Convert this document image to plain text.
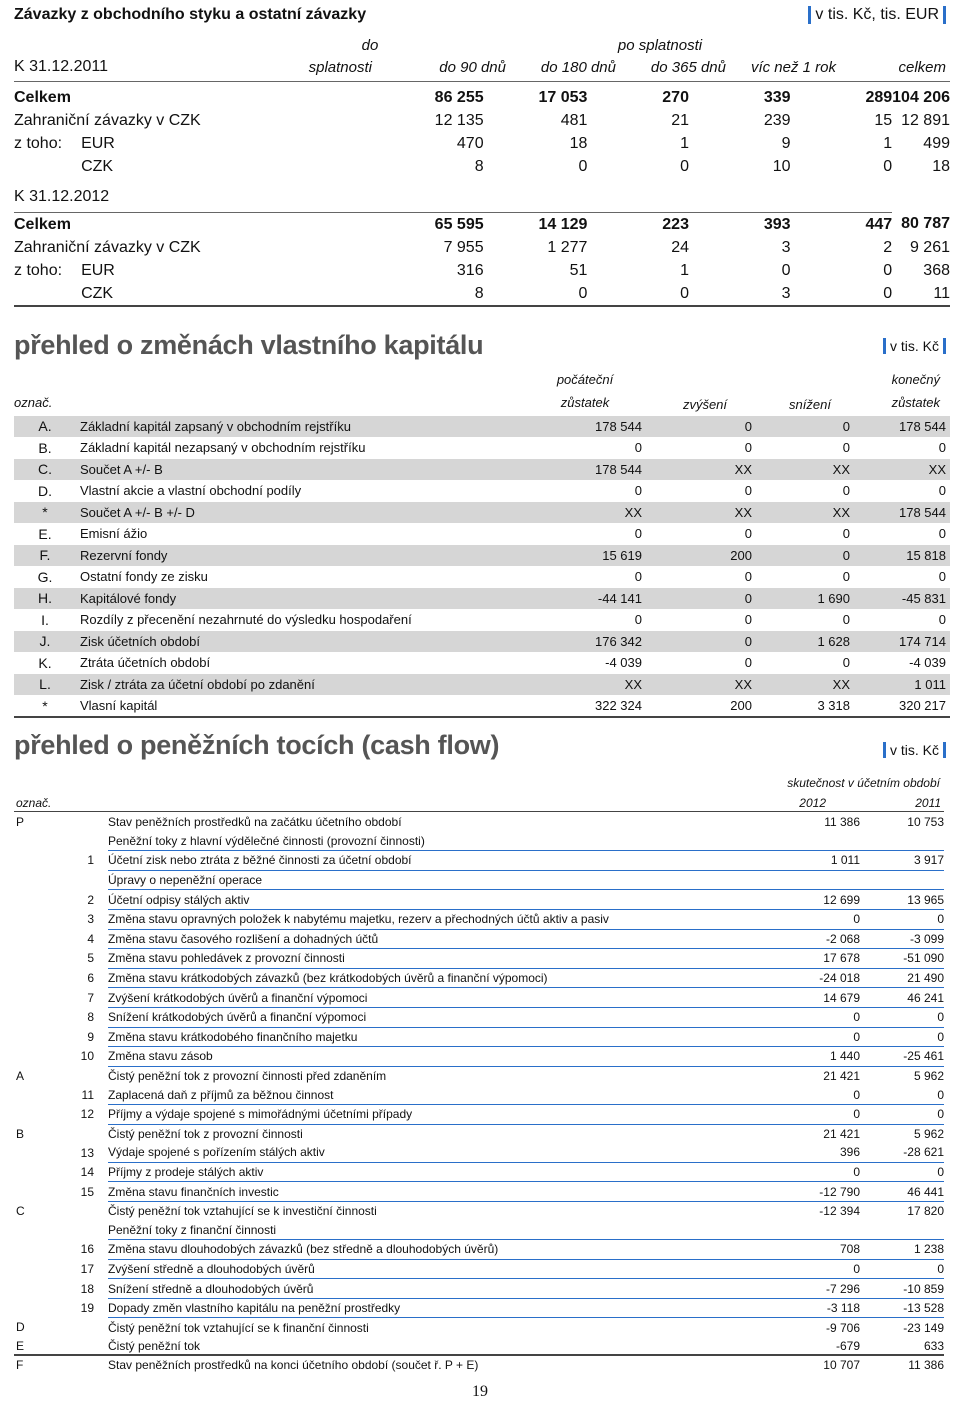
Závazky z obchodního styku a ostatní závazky	v tis. Kč, tis. EUR
do	po splatnosti
K 31.12.2011	splatnosti	do 90 dnů	do 180 dnů	do 365 dnů	víc než 1 rok	celkem
Celkem			86 255	17 053	270	339	289	104 206
Zahraniční závazky v CZK			12 135	481	21	239	15	12 891
z toho:	EUR		470	18	1	9	1	499
	CZK		8	0	0	10	0	18
K 31.12.2012								

Celkem			65 595	14 129	223	393	447	80 787
Zahraniční závazky v CZK			7 955	1 277	24	3	2	9 261
z toho:	EUR		316	51	1	0	0	368
	CZK		8	0	0	3	0	11
přehled o změnách vlastního kapitálu	v tis. Kč
počáteční	konečný
označ.	zůstatek	zvýšení	snížení	zůstatek
A.	Základní kapitál zapsaný v obchodním rejstříku	178 544	0	0	178 544
B.	Základní kapitál nezapsaný v obchodním rejstříku	0	0	0	0
C.	Součet A +/- B	178 544	XX	XX	XX
D.	Vlastní akcie a vlastní obchodní podíly	0	0	0	0
*	Součet A +/- B +/- D	XX	XX	XX	178 544
E.	Emisní ážio	0	0	0	0
F.	Rezervní fondy	15 619	200	0	15 818
G.	Ostatní fondy ze zisku	0	0	0	0
H.	Kapitálové fondy	-44 141	0	1 690	-45 831
I.	Rozdíly z přecenění nezahrnuté do výsledku hospodaření	0	0	0	0
J.	Zisk účetních období	176 342	0	1 628	174 714
K.	Ztráta účetních období	-4 039	0	0	-4 039
L.	Zisk / ztráta za účetní období po zdanění	XX	XX	XX	1 011
*	Vlasní kapitál	322 324	200	3 318	320 217
přehled o peněžních tocích (cash flow)	v tis. Kč
skutečnost v účetním období
označ.	2012	2011
P		Stav peněžních prostředků na začátku účetního období	11 386	10 753
		Peněžní toky z hlavní výdělečné činnosti (provozní činnosti)		
	1	Účetní zisk nebo ztráta z běžné činnosti za účetní období	1 011	3 917
		Úpravy o nepeněžní operace		
	2	Účetní odpisy stálých aktiv	12 699	13 965
	3	Změna stavu opravných položek k nabytému majetku, rezerv a přechodných účtů aktiv a pasiv	0	0
	4	Změna stavu časového rozlišení a dohadných účtů	-2 068	-3 099
	5	Změna stavu pohledávek z provozní činnosti	17 678	-51 090
	6	Změna stavu krátkodobých závazků (bez krátkodobých úvěrů a finanční výpomoci)	-24 018	21 490
	7	Zvýšení krátkodobých úvěrů a finanční výpomoci	14 679	46 241
	8	Snížení krátkodobých úvěrů a finanční výpomoci	0	0
	9	Změna stavu krátkodobého finančního majetku	0	0
	10	Změna stavu zásob	1 440	-25 461
A		Čistý peněžní tok z provozní činnosti před zdaněním	21 421	5 962
	11	Zaplacená daň z příjmů za běžnou činnost	0	0
	12	Příjmy a výdaje spojené s mimořádnými účetními případy	0	0
B		Čistý peněžní tok z provozní činnosti	21 421	5 962
	13	Výdaje spojené s pořízením stálých aktiv	396	-28 621
	14	Příjmy z prodeje stálých aktiv	0	0
	15	Změna stavu finančních investic	-12 790	46 441
C		Čistý peněžní tok vztahující se k investiční činnosti	-12 394	17 820
		Peněžní toky z finanční činnosti		
	16	Změna stavu dlouhodobých závazků (bez středně a dlouhodobých úvěrů)	708	1 238
	17	Zvýšení středně a dlouhodobých úvěrů	0	0
	18	Snížení středně a dlouhodobých úvěrů	-7 296	-10 859
	19	Dopady změn vlastního kapitálu na peněžní prostředky	-3 118	-13 528
D		Čistý peněžní tok vztahující se k finanční činnosti	-9 706	-23 149
E		Čistý peněžní tok	-679	633
F		Stav peněžních prostředků na konci účetního období (součet ř. P + E)	10 707	11 386
19
